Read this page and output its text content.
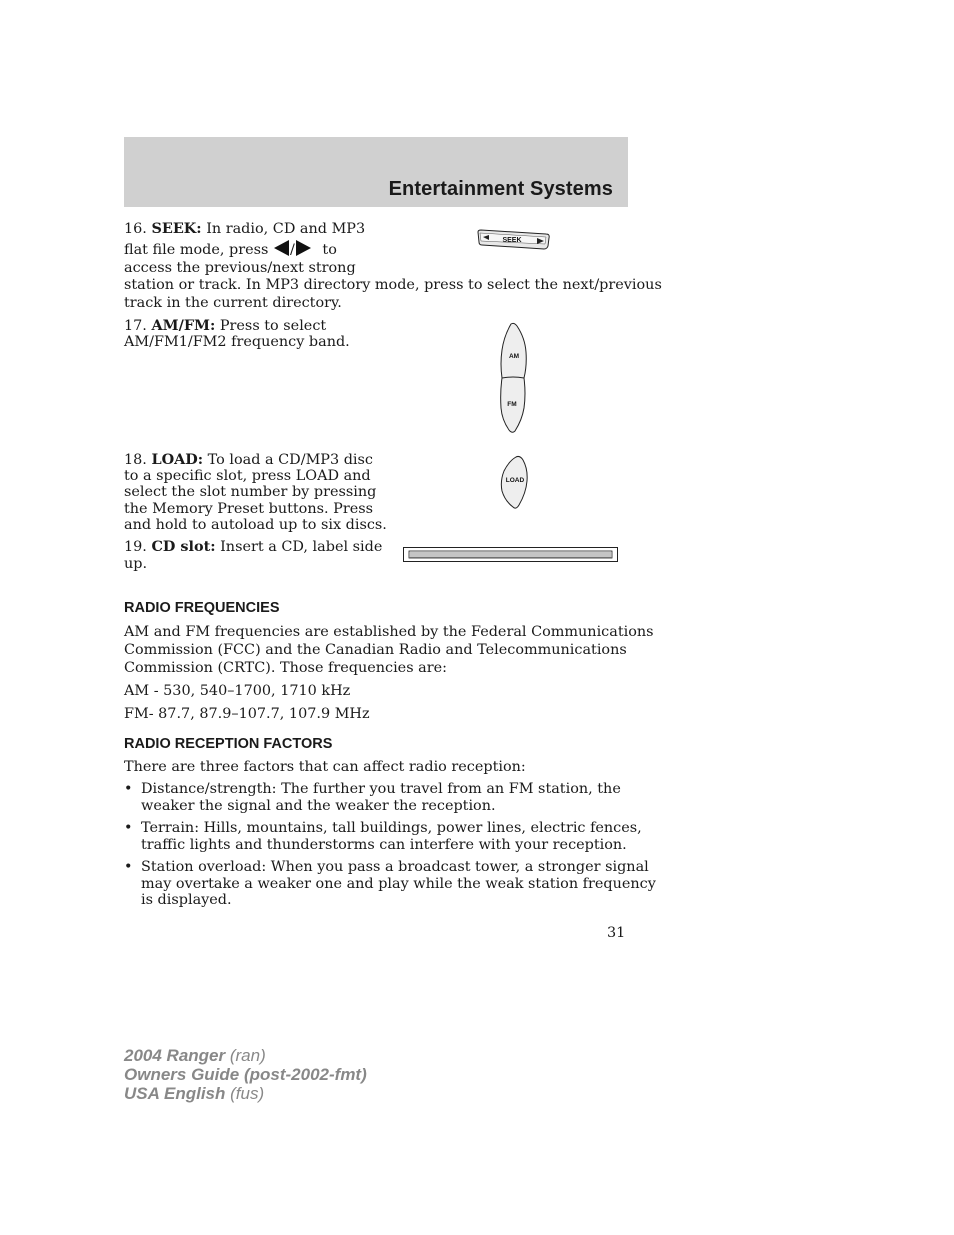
Entertainment Systems
16. SEEK: In radio, CD and MP3
flat file mode, press / to
access the previous/next strong
station or track. In MP3 directory mode, press to select the next/previous
track in the current directory.
SEEK
17. AM/FM: Press to select
AM/FM1/FM2 frequency band.
AM
FM
18. LOAD: To load a CD/MP3 disc
to a specific slot, press LOAD and
select the slot number by pressing
the Memory Preset buttons. Press
and hold to autoload up to six discs.
LOAD
19. CD slot: Insert a CD, label side
up.
RADIO FREQUENCIES
AM and FM frequencies are established by the Federal Communications
Commission (FCC) and the Canadian Radio and Telecommunications
Commission (CRTC). Those frequencies are:
AM - 530, 540–1700, 1710 kHz
FM- 87.7, 87.9–107.7, 107.9 MHz
RADIO RECEPTION FACTORS
There are three factors that can affect radio reception:
• Distance/strength: The further you travel from an FM station, the
weaker the signal and the weaker the reception.
• Terrain: Hills, mountains, tall buildings, power lines, electric fences,
traffic lights and thunderstorms can interfere with your reception.
• Station overload: When you pass a broadcast tower, a stronger signal
may overtake a weaker one and play while the weak station frequency
is displayed.
31
2004 Ranger (ran)
Owners Guide (post-2002-fmt)
USA English (fus)
